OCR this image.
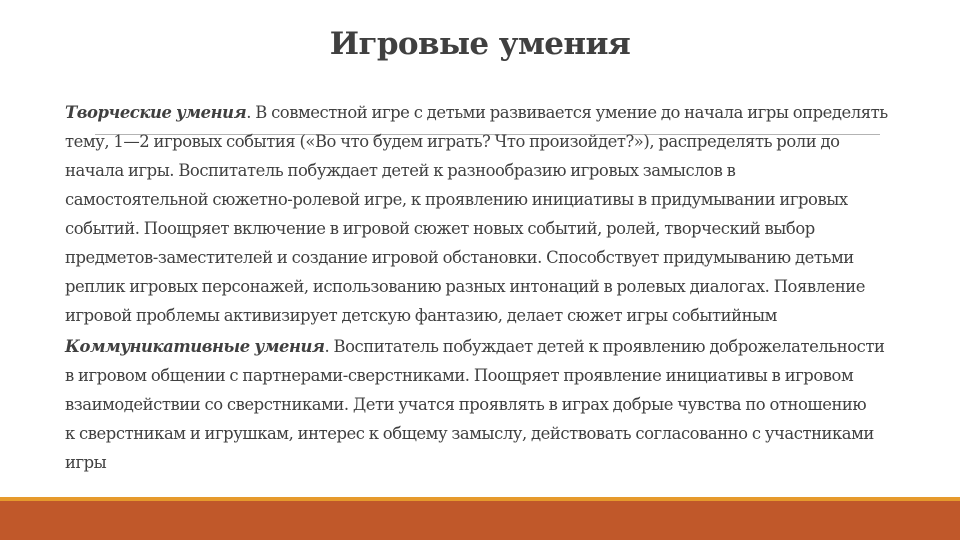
Игровые умения

Творческие умения. В совместной игре с детьми развивается умение до начала игры определять
тему, 1—2 игровых события («Во что будем играть? Что произойдет?»), распределять роли до
начала игры. Воспитатель побуждает детей к разнообразию игровых замыслов в
самостоятельной сюжетно-ролевой игре, к проявлению инициативы в придумывании игровых
событий. Поощряет включение в игровой сюжет новых событий, ролей, творческий выбор
предметов-заместителей и создание игровой обстановки. Способствует придумыванию детьми
реплик игровых персонажей, использованию разных интонаций в ролевых диалогах. Появление
игровой проблемы активизирует детскую фантазию, делает сюжет игры событийным

Коммуникативные умения. Воспитатель побуждает детей к проявлению доброжелательности
в игровом общении с партнерами-сверстниками. Поощряет проявление инициативы в игровом
взаимодействии со сверстниками. Дети учатся проявлять в играх добрые чувства по отношению
к сверстникам и игрушкам, интерес к общему замыслу, действовать согласованно с участниками
игры
